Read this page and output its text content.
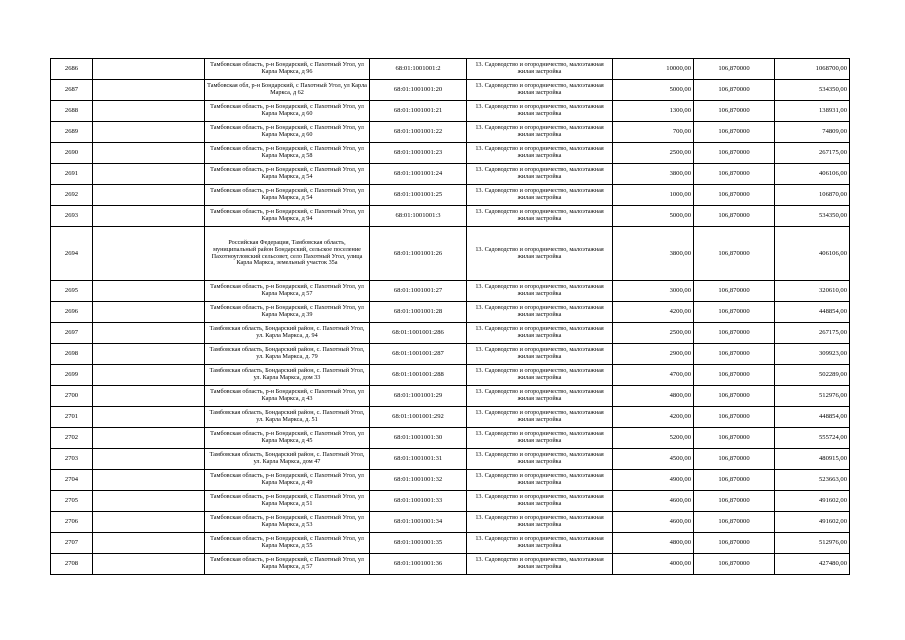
2686		Тамбовская область, р-н Бондарский, с Пахотный Угол, ул Карла Маркса, д 96	68:01:1001001:2	13. Садоводство и огородничество, малоэтажная жилая застройка	10000,00	106,870000	1068700,00
2687		Тамбовская обл, р-н Бондарский, с Пахотный Угол, ул Карла Маркса, д 62	68:01:1001001:20	13. Садоводство и огородничество, малоэтажная жилая застройка	5000,00	106,870000	534350,00
2688		Тамбовская область, р-н Бондарский, с Пахотный Угол, ул Карла Маркса, д 60	68:01:1001001:21	13. Садоводство и огородничество, малоэтажная жилая застройка	1300,00	106,870000	138931,00
2689		Тамбовская область, р-н Бондарский, с Пахотный Угол, ул Карла Маркса, д 60	68:01:1001001:22	13. Садоводство и огородничество, малоэтажная жилая застройка	700,00	106,870000	74809,00
2690		Тамбовская область, р-н Бондарский, с Пахотный Угол, ул Карла Маркса, д 58	68:01:1001001:23	13. Садоводство и огородничество, малоэтажная жилая застройка	2500,00	106,870000	267175,00
2691		Тамбовская область, р-н Бондарский, с Пахотный Угол, ул Карла Маркса, д 54	68:01:1001001:24	13. Садоводство и огородничество, малоэтажная жилая застройка	3800,00	106,870000	406106,00
2692		Тамбовская область, р-н Бондарский, с Пахотный Угол, ул Карла Маркса, д 54	68:01:1001001:25	13. Садоводство и огородничество, малоэтажная жилая застройка	1000,00	106,870000	106870,00
2693		Тамбовская область, р-н Бондарский, с Пахотный Угол, ул Карла Маркса, д 94	68:01:1001001:3	13. Садоводство и огородничество, малоэтажная жилая застройка	5000,00	106,870000	534350,00
2694		Российская Федерация, Тамбовская область, муниципальный район Бондарский, сельское поселение Пахотноугловский сельсовет, село Пахотный Угол, улица Карла Маркса, земельный участок 35а	68:01:1001001:26	13. Садоводство и огородничество, малоэтажная жилая застройка	3800,00	106,870000	406106,00
2695		Тамбовская область, р-н Бондарский, с Пахотный Угол, ул Карла Маркса, д 57	68:01:1001001:27	13. Садоводство и огородничество, малоэтажная жилая застройка	3000,00	106,870000	320610,00
2696		Тамбовская область, р-н Бондарский, с Пахотный Угол, ул Карла Маркса, д 39	68:01:1001001:28	13. Садоводство и огородничество, малоэтажная жилая застройка	4200,00	106,870000	448854,00
2697		Тамбовская область, Бондарский район, с. Пахотный Угол, ул. Карла Маркса, д. 94	68:01:1001001:286	13. Садоводство и огородничество, малоэтажная жилая застройка	2500,00	106,870000	267175,00
2698		Тамбовская область, Бондарский район, с. Пахотный Угол, ул. Карла Маркса, д. 79	68:01:1001001:287	13. Садоводство и огородничество, малоэтажная жилая застройка	2900,00	106,870000	309923,00
2699		Тамбовская область, Бондарский район, с. Пахотный Угол, ул. Карла Маркса, дом 33	68:01:1001001:288	13. Садоводство и огородничество, малоэтажная жилая застройка	4700,00	106,870000	502289,00
2700		Тамбовская область, р-н Бондарский, с Пахотный Угол, ул Карла Маркса, д 43	68:01:1001001:29	13. Садоводство и огородничество, малоэтажная жилая застройка	4800,00	106,870000	512976,00
2701		Тамбовская область, Бондарский район, с. Пахотный Угол, ул. Карла Маркса, д. 51	68:01:1001001:292	13. Садоводство и огородничество, малоэтажная жилая застройка	4200,00	106,870000	448854,00
2702		Тамбовская область, р-н Бондарский, с Пахотный Угол, ул Карла Маркса, д 45	68:01:1001001:30	13. Садоводство и огородничество, малоэтажная жилая застройка	5200,00	106,870000	555724,00
2703		Тамбовская область, Бондарский район, с. Пахотный Угол, ул. Карла Маркса, дом 47	68:01:1001001:31	13. Садоводство и огородничество, малоэтажная жилая застройка	4500,00	106,870000	480915,00
2704		Тамбовская область, р-н Бондарский, с Пахотный Угол, ул Карла Маркса, д 49	68:01:1001001:32	13. Садоводство и огородничество, малоэтажная жилая застройка	4900,00	106,870000	523663,00
2705		Тамбовская область, р-н Бондарский, с Пахотный Угол, ул Карла Маркса, д 51	68:01:1001001:33	13. Садоводство и огородничество, малоэтажная жилая застройка	4600,00	106,870000	491602,00
2706		Тамбовская область, р-н Бондарский, с Пахотный Угол, ул Карла Маркса, д 53	68:01:1001001:34	13. Садоводство и огородничество, малоэтажная жилая застройка	4600,00	106,870000	491602,00
2707		Тамбовская область, р-н Бондарский, с Пахотный Угол, ул Карла Маркса, д 55	68:01:1001001:35	13. Садоводство и огородничество, малоэтажная жилая застройка	4800,00	106,870000	512976,00
2708		Тамбовская область, р-н Бондарский, с Пахотный Угол, ул Карла Маркса, д 57	68:01:1001001:36	13. Садоводство и огородничество, малоэтажная жилая застройка	4000,00	106,870000	427480,00
